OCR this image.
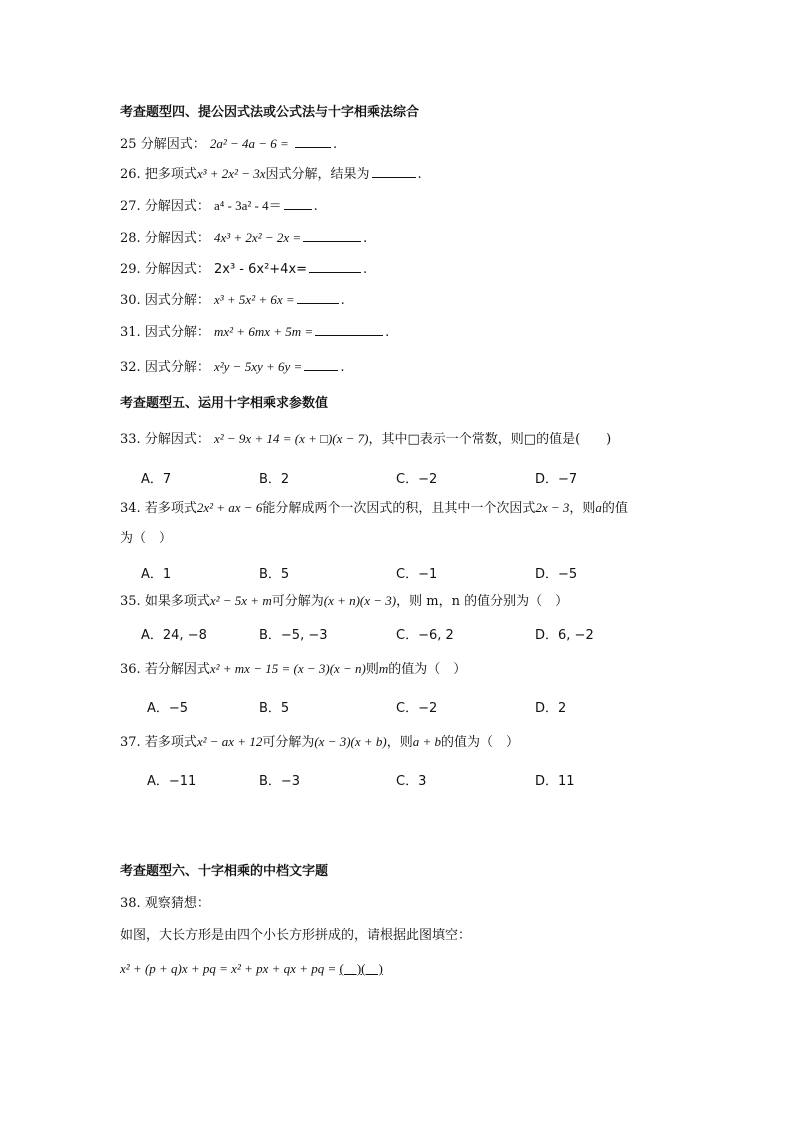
考查题型四、提公因式法或公式法与十字相乘法综合
25 分解因式： 2a² − 4a − 6 =	.
26. 把多项式x³ + 2x² − 3x因式分解，结果为	.
27. 分解因式： a⁴ - 3a² - 4＝ .
28. 分解因式： 4x³ + 2x² − 2x =	.
29. 分解因式： 2x³ - 6x²+4x=	.
30. 因式分解： x³ + 5x² + 6x =	.
31. 因式分解： mx² + 6mx + 5m =	.
32. 因式分解： x²y − 5xy + 6y =	.
考查题型五、运用十字相乘求参数值
33. 分解因式： x² − 9x + 14 = (x + □)(x − 7)，其中□表示一个常数，则□的值是(　　)
A．7	B．2	C．−2	D．−7
34. 若多项式2x² + ax − 6能分解成两个一次因式的积，且其中一个次因式2x − 3，则a的值
为（　）
A．1	B．5	C．−1	D．−5
35. 如果多项式x² − 5x + m可分解为(x + n)(x − 3)，则 m，n 的值分别为（　）
A．24, −8	B．−5, −3	C．−6, 2	D．6, −2
36. 若分解因式x² + mx − 15 = (x − 3)(x − n)则m的值为（　）
A．−5	B．5	C．−2	D．2
37. 若多项式x² − ax + 12可分解为(x − 3)(x + b)，则a + b的值为（　）
A．−11	B．−3	C．3	D．11
考查题型六、十字相乘的中档文字题
38. 观察猜想：
如图，大长方形是由四个小长方形拼成的，请根据此图填空：
x² + (p + q)x + pq = x² + px + qx + pq = (　)(　)
